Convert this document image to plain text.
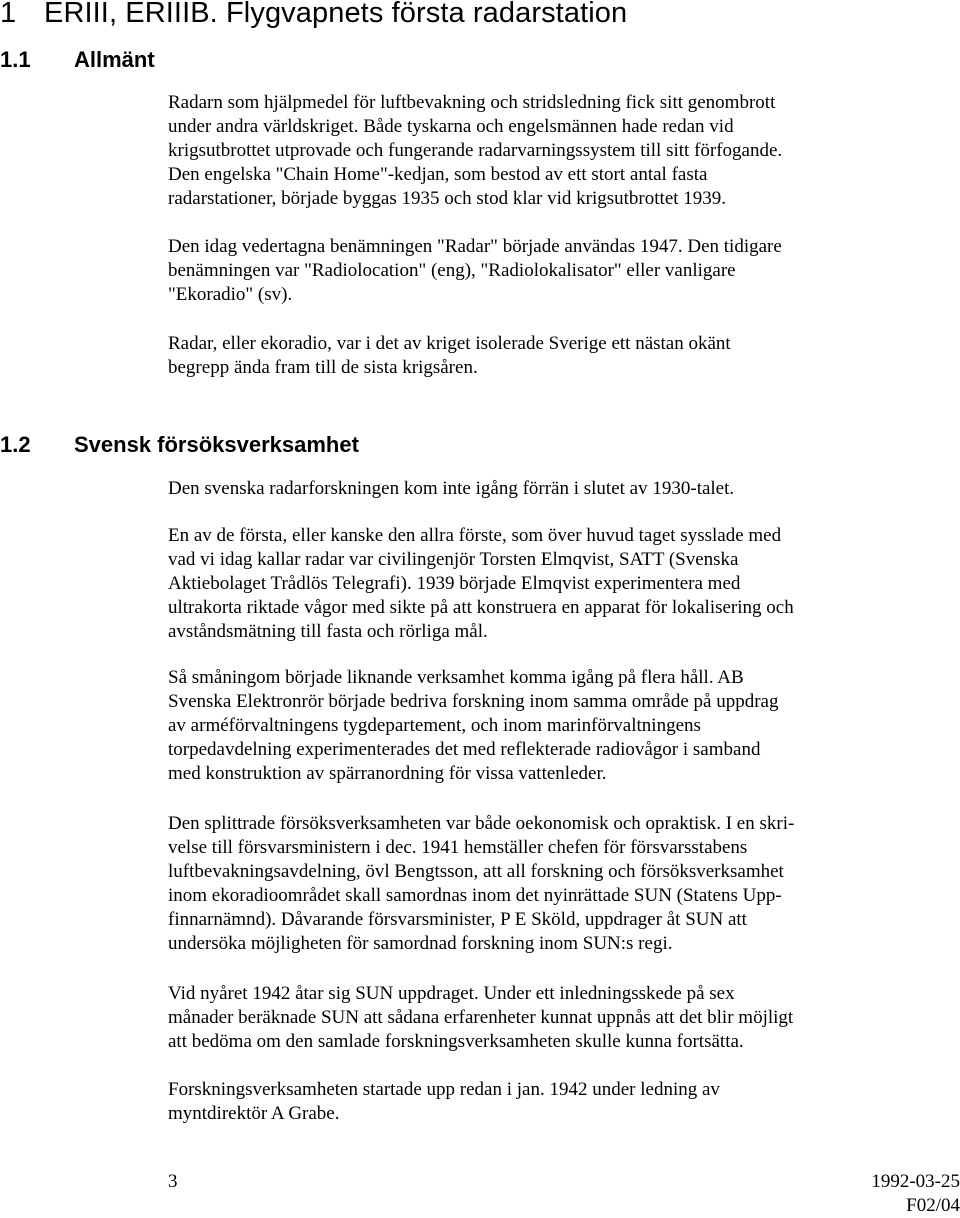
1 ERIII, ERIIIB. Flygvapnets första radarstation
1.1 Allmänt
Radarn som hjälpmedel för luftbevakning och stridsledning fick sitt genombrott
under andra världskriget. Både tyskarna och engelsmännen hade redan vid
krigsutbrottet utprovade och fungerande radarvarningssystem till sitt förfogande.
Den engelska "Chain Home"-kedjan, som bestod av ett stort antal fasta
radarstationer, började byggas 1935 och stod klar vid krigsutbrottet 1939.
Den idag vedertagna benämningen "Radar" började användas 1947. Den tidigare
benämningen var "Radiolocation" (eng), "Radiolokalisator" eller vanligare
"Ekoradio" (sv).
Radar, eller ekoradio, var i det av kriget isolerade Sverige ett nästan okänt
begrepp ända fram till de sista krigsåren.
1.2 Svensk försöksverksamhet
Den svenska radarforskningen kom inte igång förrän i slutet av 1930-talet.
En av de första, eller kanske den allra förste, som över huvud taget sysslade med
vad vi idag kallar radar var civilingenjör Torsten Elmqvist, SATT (Svenska
Aktiebolaget Trådlös Telegrafi). 1939 började Elmqvist experimentera med
ultrakorta riktade vågor med sikte på att konstruera en apparat för lokalisering och
avståndsmätning till fasta och rörliga mål.
Så småningom började liknande verksamhet komma igång på flera håll. AB
Svenska Elektronrör började bedriva forskning inom samma område på uppdrag
av arméförvaltningens tygdepartement, och inom marinförvaltningens
torpedavdelning experimenterades det med reflekterade radiovågor i samband
med konstruktion av spärranordning för vissa vattenleder.
Den splittrade försöksverksamheten var både oekonomisk och opraktisk. I en skri-
velse till försvarsministern i dec. 1941 hemställer chefen för försvarsstabens
luftbevakningsavdelning, övl Bengtsson, att all forskning och försöksverksamhet
inom ekoradioområdet skall samordnas inom det nyinrättade SUN (Statens Upp-
finnarnämnd). Dåvarande försvarsminister, P E Sköld, uppdrager åt SUN att
undersöka möjligheten för samordnad forskning inom SUN:s regi.
Vid nyåret 1942 åtar sig SUN uppdraget. Under ett inledningsskede på sex
månader beräknade SUN att sådana erfarenheter kunnat uppnås att det blir möjligt
att bedöma om den samlade forskningsverksamheten skulle kunna fortsätta.
Forskningsverksamheten startade upp redan i jan. 1942 under ledning av
myntdirektör A Grabe.
3	1992-03-25
F02/04
